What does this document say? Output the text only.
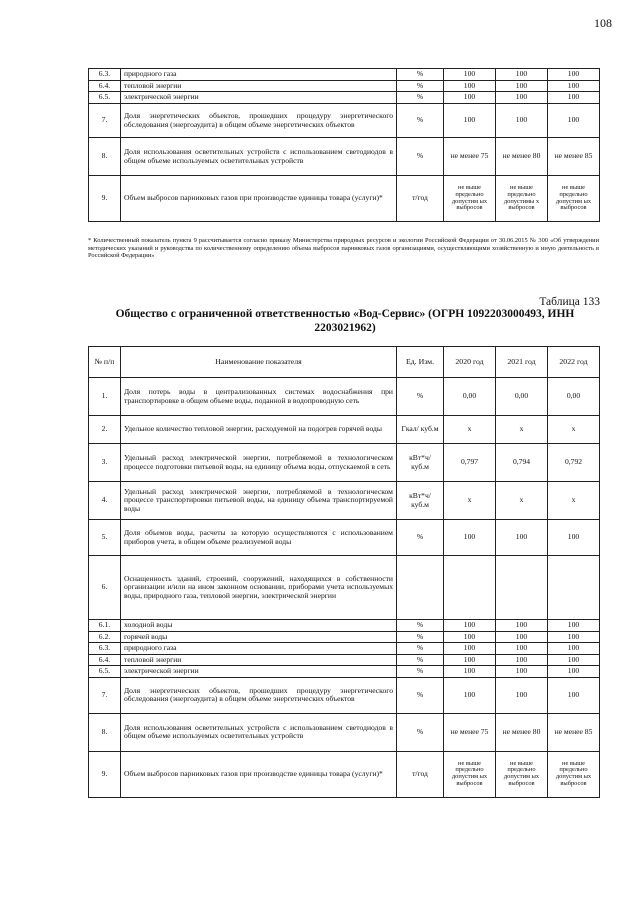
108
6.3.	природного газа	%	100	100	100
6.4.	тепловой энергии	%	100	100	100
6.5.	электрической энергии	%	100	100	100
7.	Доля энергетических объектов, прошедших процедуру энергетического обследования (энергоаудита) в общем объеме энергетических объектов	%	100	100	100
8.	Доля использования осветительных устройств с использованием светодиодов в общем объеме используемых осветительных устройств	%	не менее 75	не менее 80	не менее 85
9.	Объем выбросов парниковых газов при производстве единицы товара (услуги)*	т/год	не выше предельно допустим ых выбросов	не выше предельно допустимы х выбросов	не выше предельно допустим ых выбросов
* Количественный показатель пункта 9 рассчитывается согласно приказу Министерства природных ресурсов и экологии Российской Федерации от 30.06.2015 № 300 «Об утверждении методических указаний и руководства по количественному определению объема выбросов парниковых газов организациями, осуществляющими хозяйственную и иную деятельность в Российской Федерации»
Таблица 133
Общество с ограниченной ответственностью «Вод-Сервис» (ОГРН 1092203000493, ИНН 2203021962)
№ п/п	Наименование показателя	Ед. Изм.	2020 год	2021 год	2022 год
1.	Доля потерь воды в централизованных системах водоснабжения при транспортировке в общем объеме воды, поданной в водопроводную сеть	%	0,00	0,00	0,00
2.	Удельное количество тепловой энергии, расходуемой на подогрев горячей воды	Гкал/ куб.м	х	х	х
3.	Удельный расход электрической энергии, потребляемой в технологическом процессе подготовки питьевой воды, на единицу объема воды, отпускаемой в сеть	кВт*ч/ куб.м	0,797	0,794	0,792
4.	Удельный расход электрической энергии, потребляемой в технологическом процессе транспортировки питьевой воды, на единицу объема транспортируемой воды	кВт*ч/ куб.м	х	х	х
5.	Доля объемов воды, расчеты за которую осуществляются с использованием приборов учета, в общем объеме реализуемой воды	%	100	100	100
6.	Оснащенность зданий, строений, сооружений, находящихся в собственности организации и/или на ином законном основании, приборами учета используемых воды, природного газа, тепловой энергии, электрической энергии				
6.1.	холодной воды	%	100	100	100
6.2.	горячей воды	%	100	100	100
6.3.	природного газа	%	100	100	100
6.4.	тепловой энергии	%	100	100	100
6.5.	электрической энергии	%	100	100	100
7.	Доля энергетических объектов, прошедших процедуру энергетического обследования (энергоаудита) в общем объеме энергетических объектов	%	100	100	100
8.	Доля использования осветительных устройств с использованием светодиодов в общем объеме используемых осветительных устройств	%	не менее 75	не менее 80	не менее 85
9.	Объем выбросов парниковых газов при производстве единицы товара (услуги)*	т/год	не выше предельно допустим ых выбросов	не выше предельно допустим ых выбросов	не выше предельно допустим ых выбросов
